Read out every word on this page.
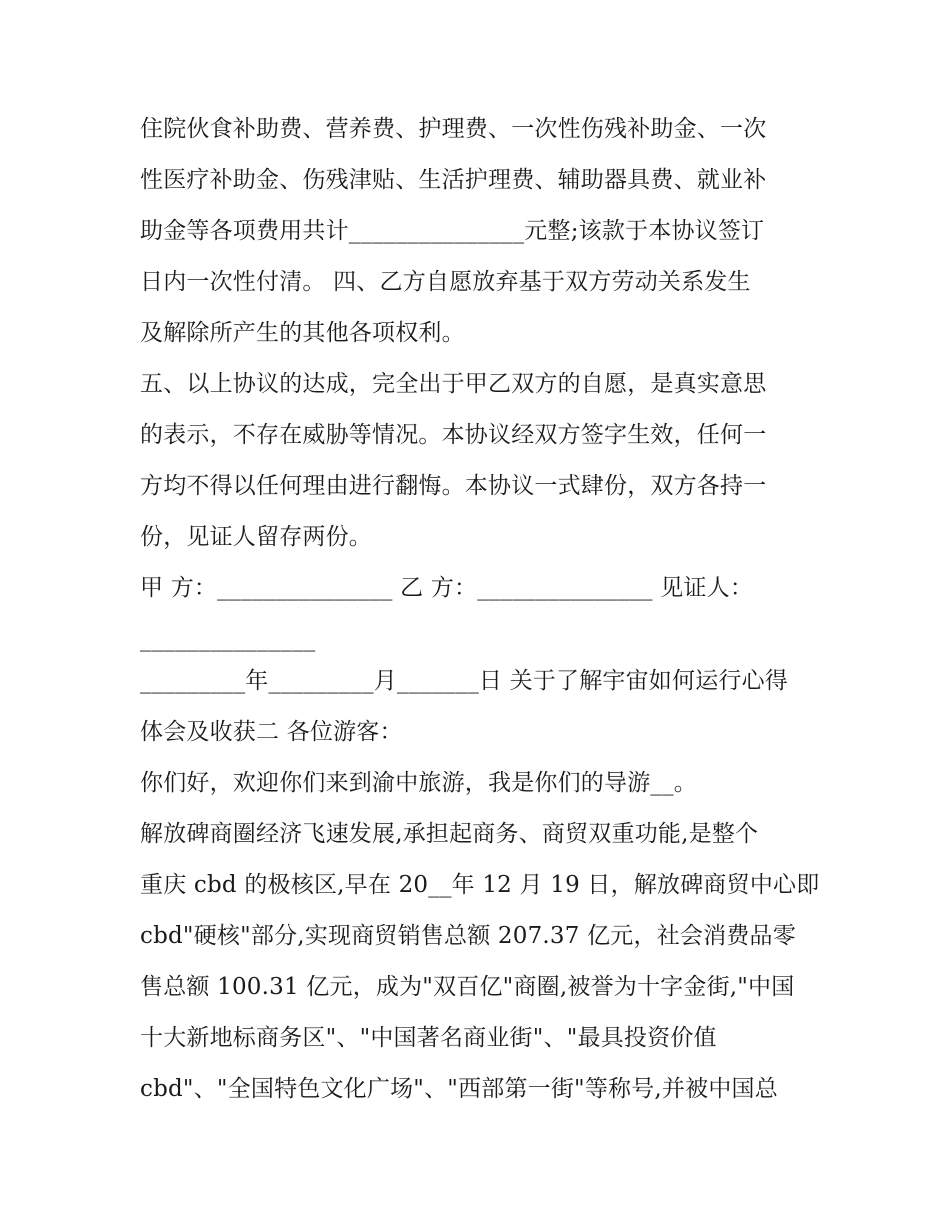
住院伙食补助费、营养费、护理费、一次性伤残补助金、一次
性医疗补助金、伤残津贴、生活护理费、辅助器具费、就业补
助金等各项费用共计_______________元整;该款于本协议签订
日内一次性付清。 四、乙方自愿放弃基于双方劳动关系发生
及解除所产生的其他各项权利。
五、以上协议的达成，完全出于甲乙双方的自愿，是真实意思
的表示，不存在威胁等情况。本协议经双方签字生效，任何一
方均不得以任何理由进行翻悔。本协议一式肆份，双方各持一
份，见证人留存两份。
甲 方：_______________ 乙 方：_______________ 见证人：
_______________
_________年_________月_______日 关于了解宇宙如何运行心得
体会及收获二 各位游客：
你们好，欢迎你们来到渝中旅游，我是你们的导游__。
解放碑商圈经济飞速发展,承担起商务、商贸双重功能,是整个
重庆 cbd 的极核区,早在 20__年 12 月 19 日，解放碑商贸中心即
cbd"硬核"部分,实现商贸销售总额 207.37 亿元，社会消费品零
售总额 100.31 亿元，成为"双百亿"商圈,被誉为十字金街,"中国
十大新地标商务区"、"中国著名商业街"、"最具投资价值
cbd"、"全国特色文化广场"、"西部第一街"等称号,并被中国总
